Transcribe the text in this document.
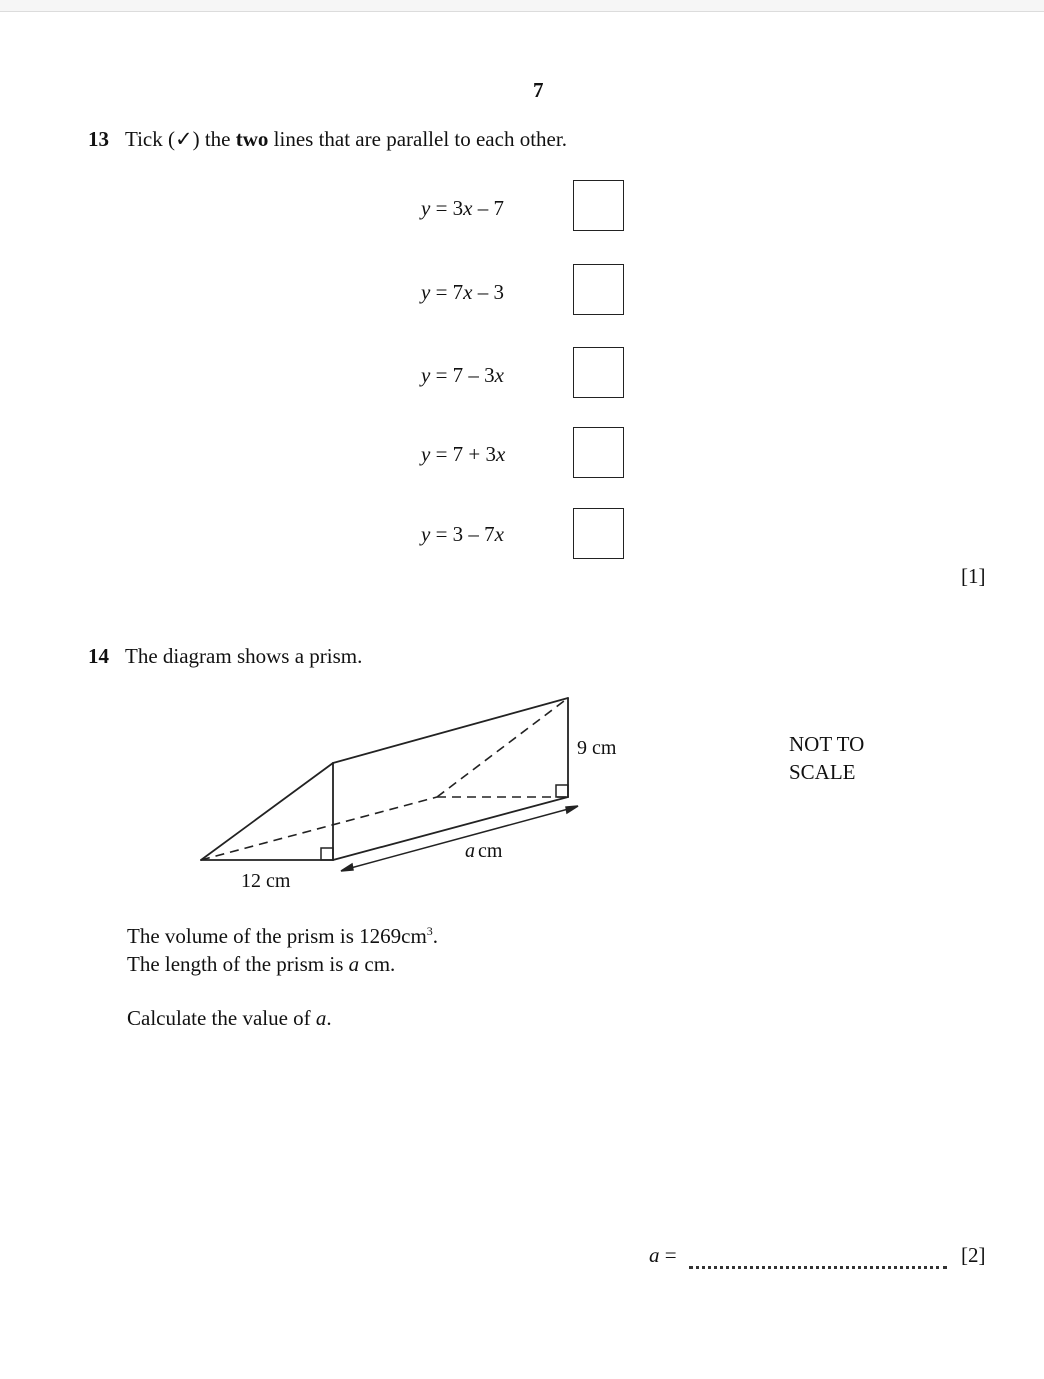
7
13 Tick (✓) the two lines that are parallel to each other.
y = 3x – 7
y = 7x – 3
y = 7 – 3x
y = 7 + 3x
y = 3 – 7x
[1]
14 The diagram shows a prism.
9 cm
12 cm
a cm
NOT TO
SCALE
The volume of the prism is $1269cm^3$.
The length of the prism is a cm.
Calculate the value of a.
a =	[2]
